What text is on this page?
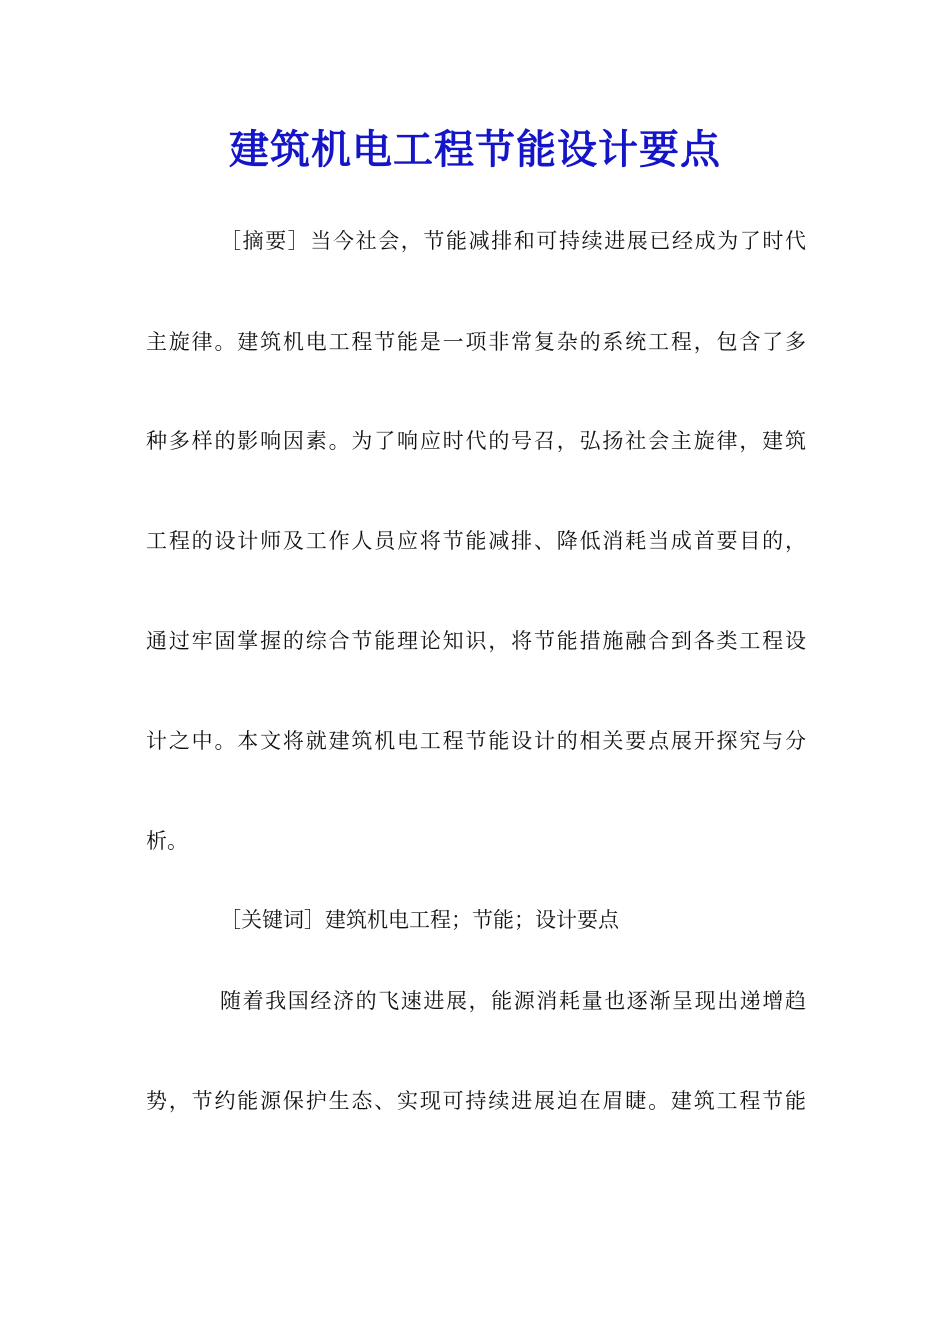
建筑机电工程节能设计要点

［摘要］当今社会，节能减排和可持续进展已经成为了时代

主旋律。建筑机电工程节能是一项非常复杂的系统工程，包含了多

种多样的影响因素。为了响应时代的号召，弘扬社会主旋律，建筑

工程的设计师及工作人员应将节能减排、降低消耗当成首要目的，

通过牢固掌握的综合节能理论知识，将节能措施融合到各类工程设

计之中。本文将就建筑机电工程节能设计的相关要点展开探究与分

析。

［关键词］建筑机电工程；节能；设计要点

随着我国经济的飞速进展，能源消耗量也逐渐呈现出递增趋

势，节约能源保护生态、实现可持续进展迫在眉睫。建筑工程节能
